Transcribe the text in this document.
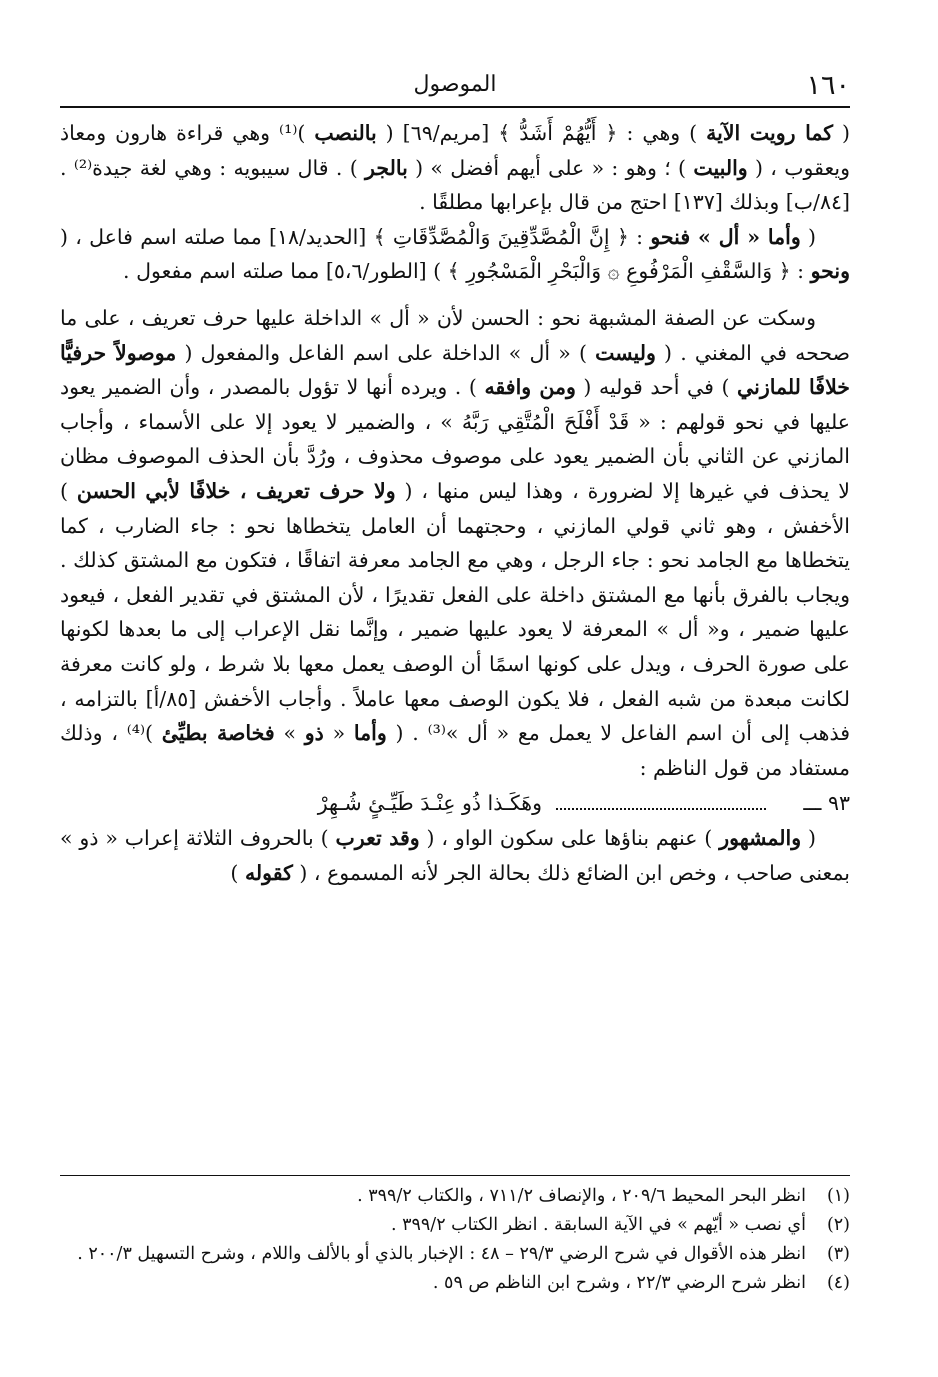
١٦٠
الموصول

( كما رويت الآية ) وهي : ﴿ أَيُّهُمْ أَشَدُّ ﴾ [مريم/٦٩] ( بالنصب )⁽¹⁾ وهي قراءة هارون ومعاذ ويعقوب ، ( والبيت ) ؛ وهو : « على أيهم أفضل » ( بالجر ) . قال سيبويه : وهي لغة جيدة⁽²⁾ . [٨٤/ب] وبذلك [١٣٧] احتج من قال بإعرابها مطلقًا .

( وأما « أل » فنحو : ﴿ إِنَّ الْمُصَّدِّقِينَ وَالْمُصَّدِّقَاتِ ﴾ [الحديد/١٨] مما صلته اسم فاعل ، ( ونحو : ﴿ وَالسَّقْفِ الْمَرْفُوعِ ۞ وَالْبَحْرِ الْمَسْجُورِ ﴾ ) [الطور/٥،٦] مما صلته اسم مفعول .

وسكت عن الصفة المشبهة نحو : الحسن لأن « أل » الداخلة عليها حرف تعريف ، على ما صححه في المغني . ( وليست ) « أل » الداخلة على اسم الفاعل والمفعول ( موصولاً حرفيًّا خلافًا للمازني ) في أحد قوليه ( ومن وافقه ) . ويرده أنها لا تؤول بالمصدر ، وأن الضمير يعود عليها في نحو قولهم : « قَدْ أَفْلَحَ الْمُتَّقِي رَبَّهُ » ، والضمير لا يعود إلا على الأسماء ، وأجاب المازني عن الثاني بأن الضمير يعود على موصوف محذوف ، ورُدَّ بأن الحذف الموصوف مظان لا يحذف في غيرها إلا لضرورة ، وهذا ليس منها ، ( ولا حرف تعريف ، خلافًا لأبي الحسن ) الأخفش ، وهو ثاني قولي المازني ، وحجتهما أن العامل يتخطاها نحو : جاء الضارب ، كما يتخطاها مع الجامد نحو : جاء الرجل ، وهي مع الجامد معرفة اتفاقًا ، فتكون مع المشتق كذلك . ويجاب بالفرق بأنها مع المشتق داخلة على الفعل تقديرًا ، لأن المشتق في تقدير الفعل ، فيعود عليها ضمير ، و« أل » المعرفة لا يعود عليها ضمير ، وإنَّما نقل الإعراب إلى ما بعدها لكونها على صورة الحرف ، ويدل على كونها اسمًا أن الوصف يعمل معها بلا شرط ، ولو كانت معرفة لكانت مبعدة من شبه الفعل ، فلا يكون الوصف معها عاملاً . وأجاب الأخفش [٨٥/أ] بالتزامه ، فذهب إلى أن اسم الفاعل لا يعمل مع « أل »⁽³⁾ . ( وأما « ذو » فخاصة بطيِّئ )⁽⁴⁾ ، وذلك مستفاد من قول الناظم :

٩٣ ـــ
وهَكَـذا ذُو عِنْـدَ طَيِّـئٍ شُـهِرْ

( والمشهور ) عنهم بناؤها على سكون الواو ، ( وقد تعرب ) بالحروف الثلاثة إعراب « ذو » بمعنى صاحب ، وخص ابن الضائع ذلك بحالة الجر لأنه المسموع ، ( كقوله )

(١)
انظر البحر المحيط ٢٠٩/٦ ، والإنصاف ٧١١/٢ ، والكتاب ٣٩٩/٢ .

(٢)
أي نصب « أيّهم » في الآية السابقة . انظر الكتاب ٣٩٩/٢ .

(٣)
انظر هذه الأقوال في شرح الرضي ٢٩/٣ – ٤٨ : الإخبار بالذي أو بالألف واللام ، وشرح التسهيل ٢٠٠/٣ .

(٤)
انظر شرح الرضي ٢٢/٣ ، وشرح ابن الناظم ص ٥٩ .
